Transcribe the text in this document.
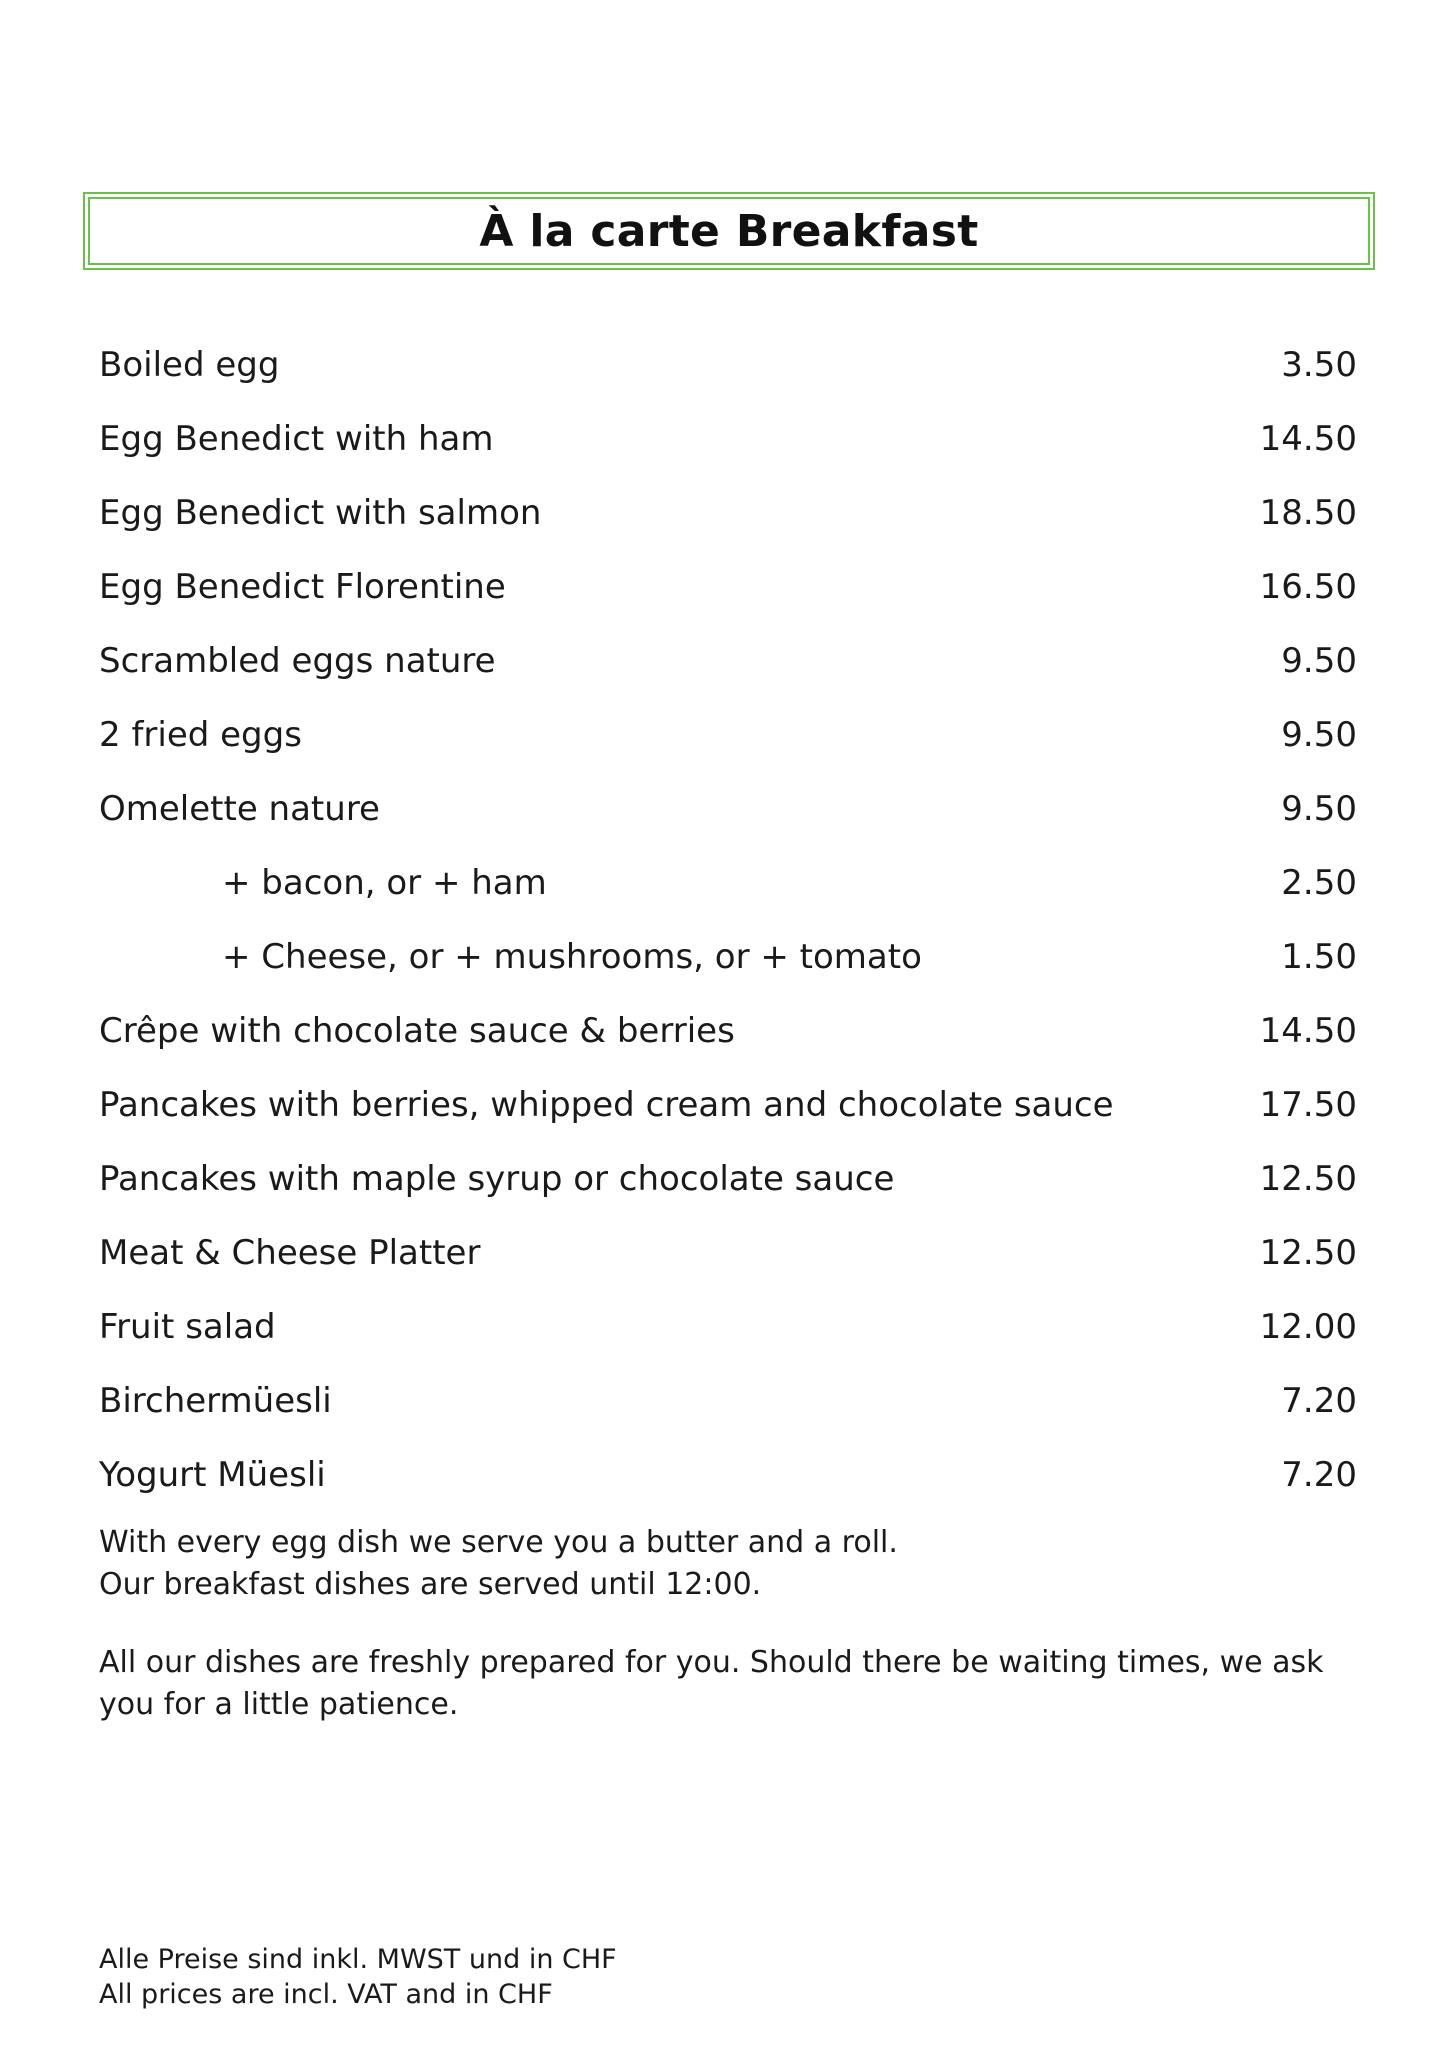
À la carte Breakfast
Boiled egg	3.50
Egg Benedict with ham	14.50
Egg Benedict with salmon	18.50
Egg Benedict Florentine	16.50
Scrambled eggs nature	9.50
2 fried eggs	9.50
Omelette nature	9.50
+ bacon, or + ham	2.50
+ Cheese, or + mushrooms, or + tomato	1.50
Crêpe with chocolate sauce & berries	14.50
Pancakes with berries, whipped cream and chocolate sauce	17.50
Pancakes with maple syrup or chocolate sauce	12.50
Meat & Cheese Platter	12.50
Fruit salad	12.00
Birchermüesli	7.20
Yogurt Müesli	7.20

With every egg dish we serve you a butter and a roll.

Our breakfast dishes are served until 12:00.

All our dishes are freshly prepared for you. Should there be waiting times, we ask you for a little patience.

Alle Preise sind inkl. MWST und in CHF

All prices are incl. VAT and in CHF
